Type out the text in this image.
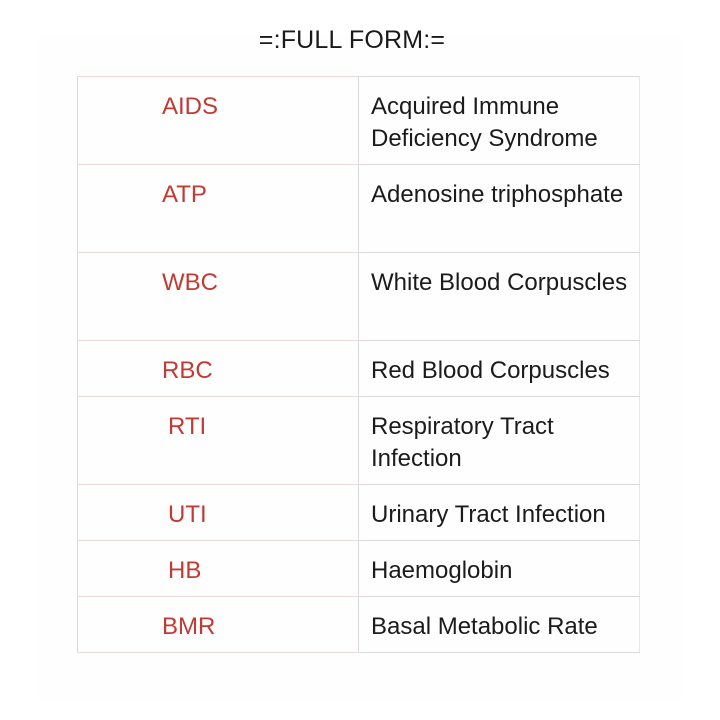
=:FULL FORM:=
AIDS	Acquired Immune Deficiency Syndrome

ATP	Adenosine triphosphate

WBC	White Blood Corpuscles

RBC	Red Blood Corpuscles

RTI	Respiratory Tract Infection

UTI	Urinary Tract Infection

HB	Haemoglobin

BMR	Basal Metabolic Rate
